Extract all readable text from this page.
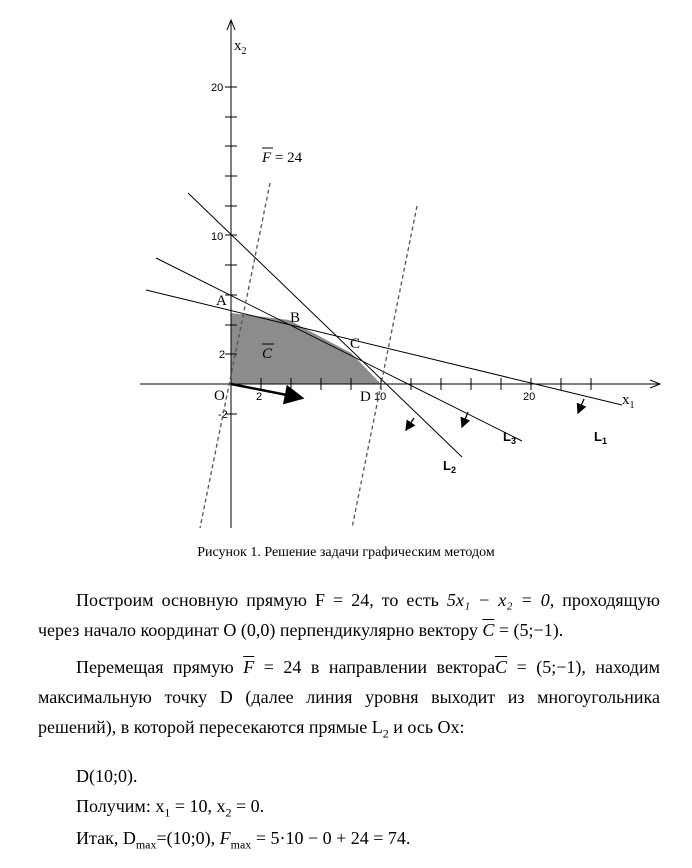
20
10
2
-2
2	10	20
$x_2$
$x_1$
O
A
B
C
D
C
F = 24
$L_1$
$L_3$
$L_2$
Рисунок 1. Решение задачи графическим методом
Построим основную прямую F = 24, то есть 5x₁ − x₂ = 0, проходящую через начало координат O (0,0) перпендикулярно вектору $\overline{C}$ = (5;−1).
Перемещая прямую $\overline{F} = 24$ в направлении $вектора\overline{C}$ = (5;−1), находим максимальную точку D (далее линия уровня выходит из многоугольника решений), в которой пересекаются прямые $L_2$ и ось Ox:
D(10;0).
Получим: $x_1 = 10$, $x_2 = 0$.
Итак, $D_{max}=(10;0)$, $F_{max} = 5\cdot 10 - 0 + 24 = 74$.
